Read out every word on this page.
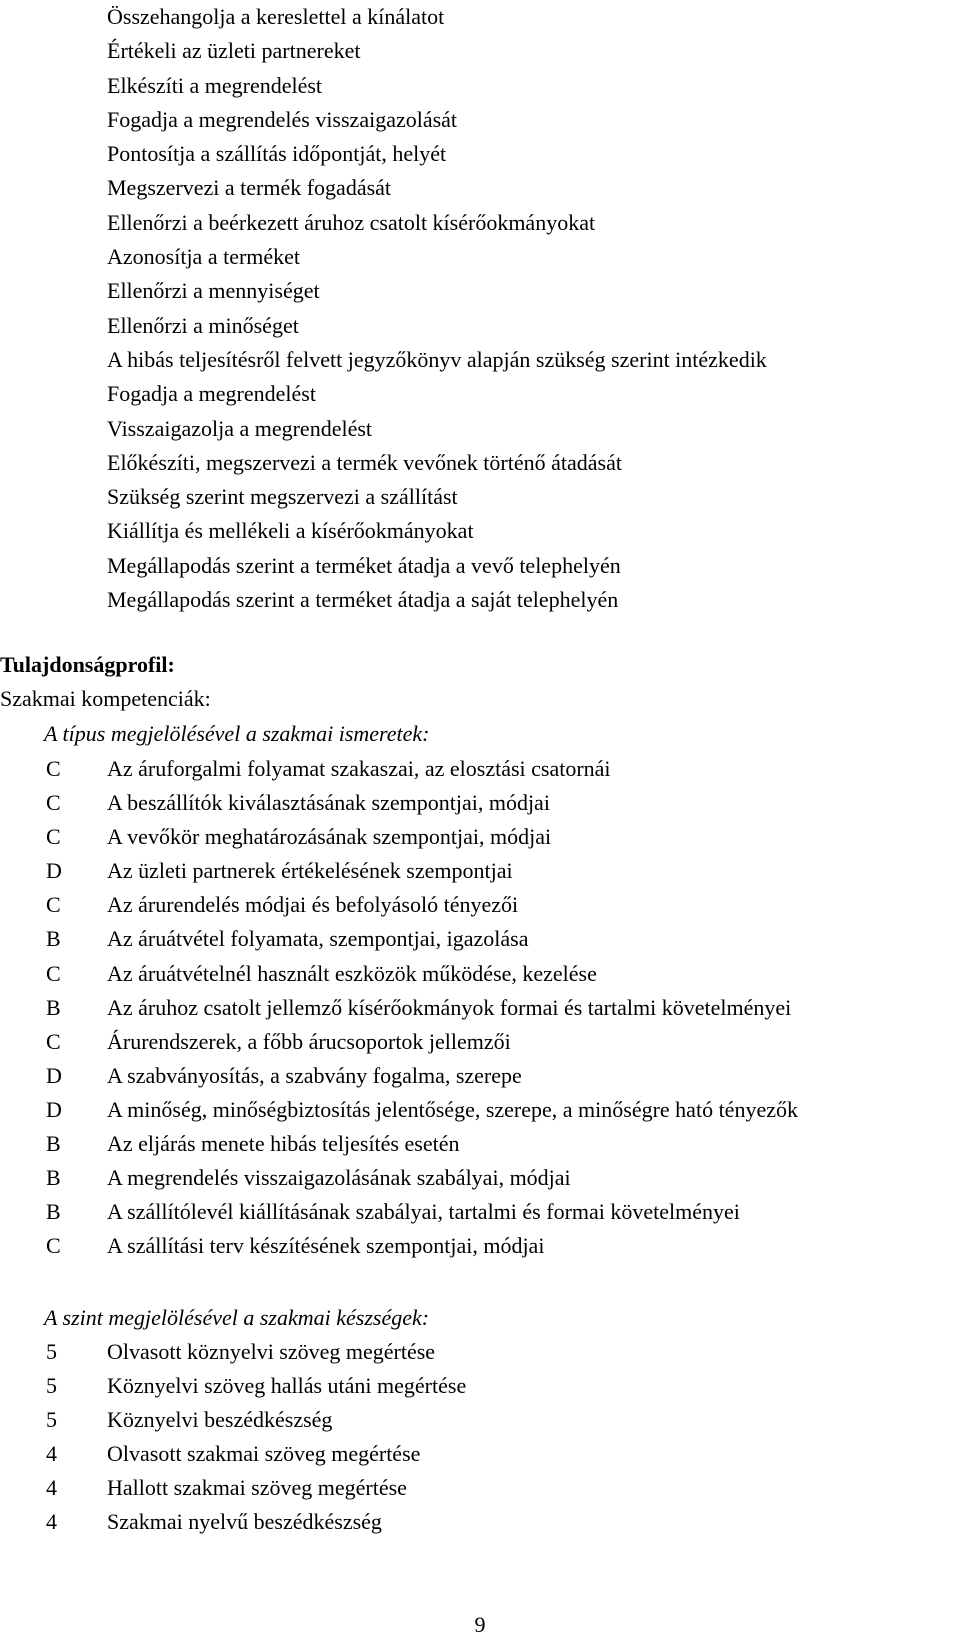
Összehangolja a kereslettel a kínálatot
Értékeli az üzleti partnereket
Elkészíti a megrendelést
Fogadja a megrendelés visszaigazolását
Pontosítja a szállítás időpontját, helyét
Megszervezi a termék fogadását
Ellenőrzi a beérkezett áruhoz csatolt kísérőokmányokat
Azonosítja a terméket
Ellenőrzi a mennyiséget
Ellenőrzi a minőséget
A hibás teljesítésről felvett jegyzőkönyv alapján szükség szerint intézkedik
Fogadja a megrendelést
Visszaigazolja a megrendelést
Előkészíti, megszervezi a termék vevőnek történő átadását
Szükség szerint megszervezi a szállítást
Kiállítja és mellékeli a kísérőokmányokat
Megállapodás szerint a terméket átadja a vevő telephelyén
Megállapodás szerint a terméket átadja a saját telephelyén
Tulajdonságprofil:
Szakmai kompetenciák:
A típus megjelölésével a szakmai ismeretek:
C	Az áruforgalmi folyamat szakaszai, az elosztási csatornái
C	A beszállítók kiválasztásának szempontjai, módjai
C	A vevőkör meghatározásának szempontjai, módjai
D	Az üzleti partnerek értékelésének szempontjai
C	Az árurendelés módjai és befolyásoló tényezői
B	Az áruátvétel folyamata, szempontjai, igazolása
C	Az áruátvételnél használt eszközök működése, kezelése
B	Az áruhoz csatolt jellemző kísérőokmányok formai és tartalmi követelményei
C	Árurendszerek, a főbb árucsoportok jellemzői
D	A szabványosítás, a szabvány fogalma, szerepe
D	A minőség, minőségbiztosítás jelentősége, szerepe, a minőségre ható tényezők
B	Az eljárás menete hibás teljesítés esetén
B	A megrendelés visszaigazolásának szabályai, módjai
B	A szállítólevél kiállításának szabályai, tartalmi és formai követelményei
C	A szállítási terv készítésének szempontjai, módjai
A szint megjelölésével a szakmai készségek:
5	Olvasott köznyelvi szöveg megértése
5	Köznyelvi szöveg hallás utáni megértése
5	Köznyelvi beszédkészség
4	Olvasott szakmai szöveg megértése
4	Hallott szakmai szöveg megértése
4	Szakmai nyelvű beszédkészség
9
